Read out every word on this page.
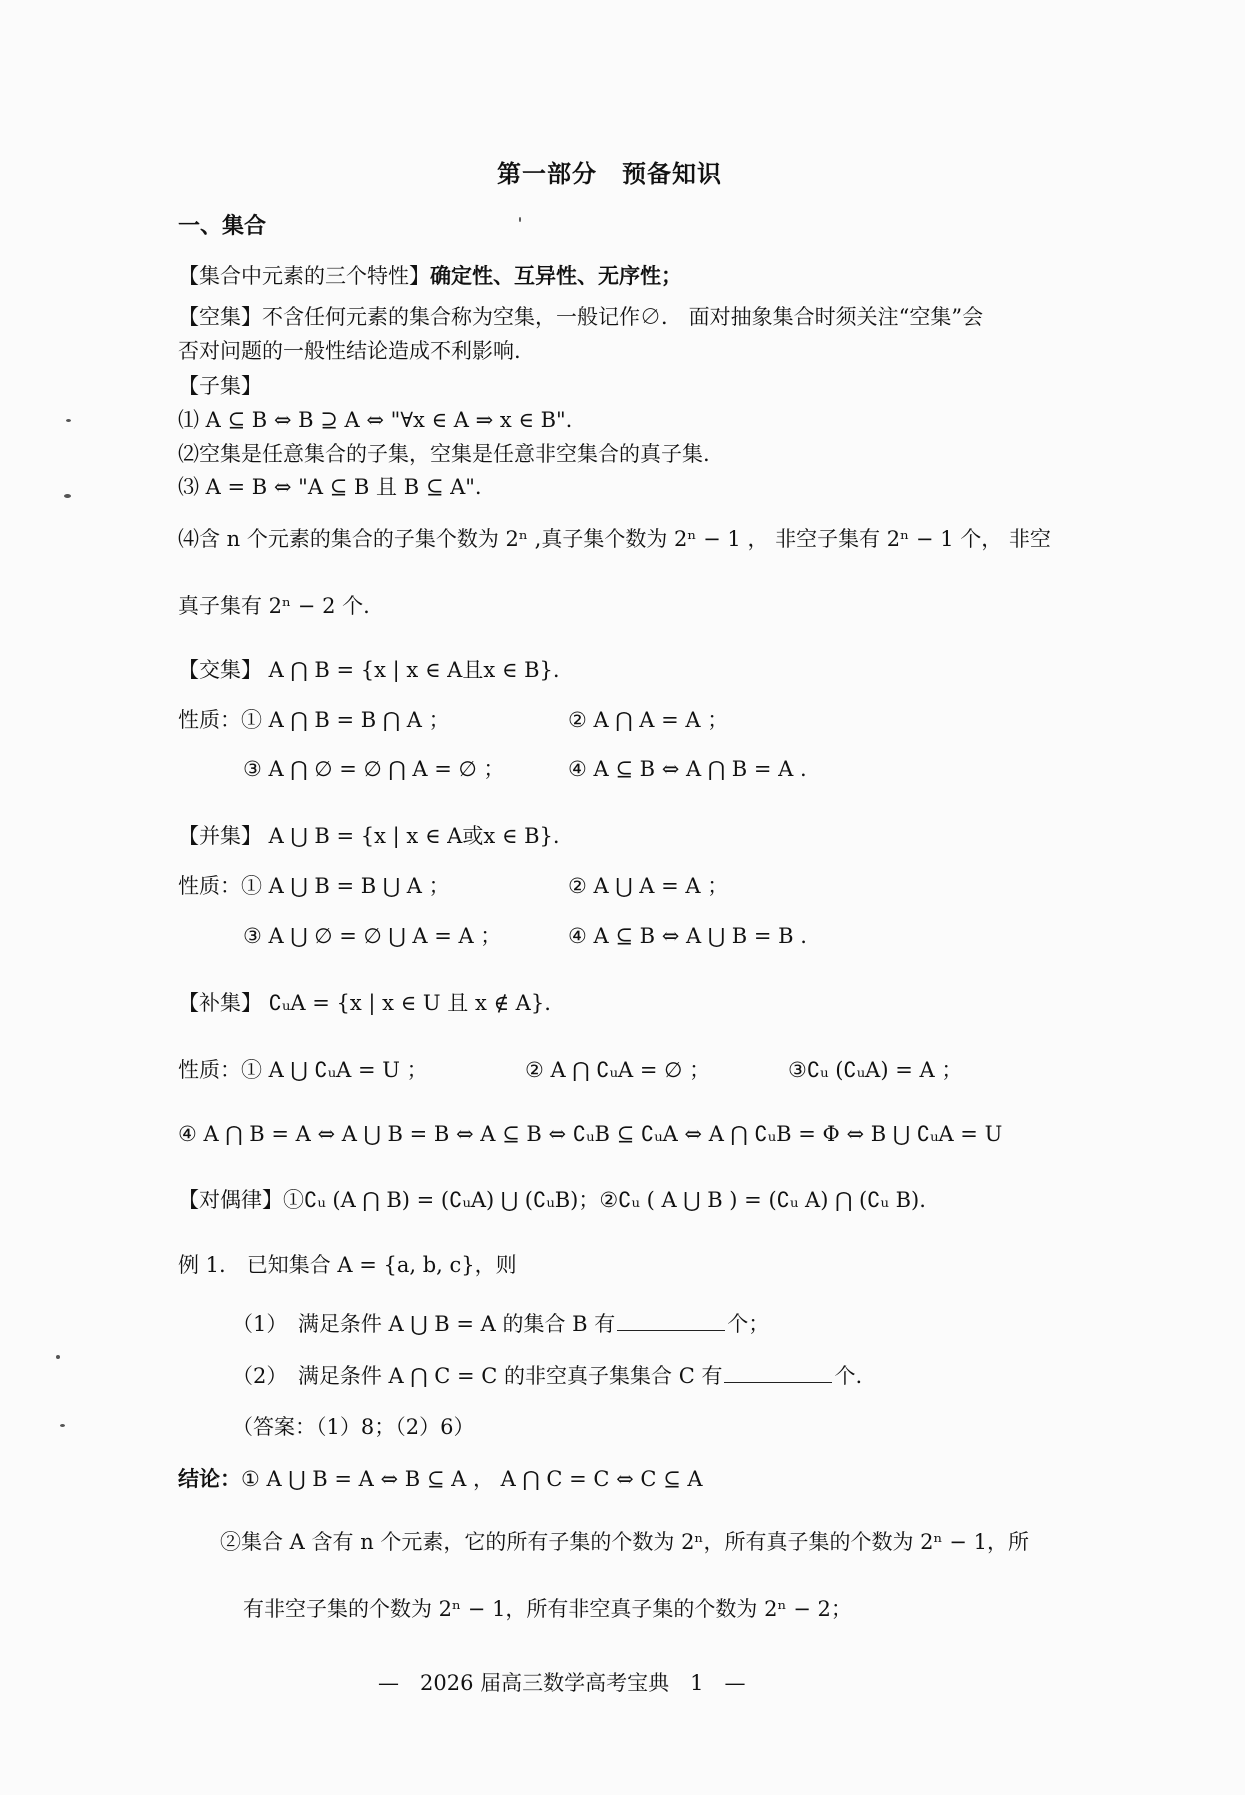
第一部分　预备知识
一、集合
【集合中元素的三个特性】确定性、互异性、无序性；
【空集】不含任何元素的集合称为空集，一般记作∅． 面对抽象集合时须关注“空集”会
否对问题的一般性结论造成不利影响.
【子集】
⑴ A ⊆ B ⇔ B ⊇ A ⇔ "∀x ∈ A ⇒ x ∈ B".
⑵空集是任意集合的子集，空集是任意非空集合的真子集.
⑶ A = B ⇔ "A ⊆ B 且 B ⊆ A".
⑷含 n 个元素的集合的子集个数为 2ⁿ ,真子集个数为 2ⁿ − 1 ， 非空子集有 2ⁿ − 1 个， 非空
真子集有 2ⁿ − 2 个.
【交集】 A ⋂ B = {x | x ∈ A且x ∈ B}.
性质：① A ⋂ B = B ⋂ A ；	② A ⋂ A = A ；
③ A ⋂ ∅ = ∅ ⋂ A = ∅ ；	④ A ⊆ B ⇔ A ⋂ B = A .
【并集】 A ⋃ B = {x | x ∈ A或x ∈ B}.
性质：① A ⋃ B = B ⋃ A ；	② A ⋃ A = A ；
③ A ⋃ ∅ = ∅ ⋃ A = A ；	④ A ⊆ B ⇔ A ⋃ B = B .
【补集】 ∁ᵤA = {x | x ∈ U 且 x ∉ A}.
性质：① A ⋃ ∁ᵤA = U ；	② A ⋂ ∁ᵤA = ∅ ；	③∁ᵤ (∁ᵤA) = A ；
④ A ⋂ B = A ⇔ A ⋃ B = B ⇔ A ⊆ B ⇔ ∁ᵤB ⊆ ∁ᵤA ⇔ A ⋂ ∁ᵤB = Φ ⇔ B ⋃ ∁ᵤA = U
【对偶律】①∁ᵤ (A ⋂ B) = (∁ᵤA) ⋃ (∁ᵤB)；②∁ᵤ ( A ⋃ B ) = (∁ᵤ A) ⋂ (∁ᵤ B).
例 1.　已知集合 A = {a, b, c}，则
（1）　满足条件 A ⋃ B = A 的集合 B 有	个；
（2）　满足条件 A ⋂ C = C 的非空真子集集合 C 有	个.
（答案：（1）8；（2）6）
结论：① A ⋃ B = A ⇔ B ⊆ A ， A ⋂ C = C ⇔ C ⊆ A
②集合 A 含有 n 个元素，它的所有子集的个数为 2ⁿ，所有真子集的个数为 2ⁿ − 1，所
有非空子集的个数为 2ⁿ − 1，所有非空真子集的个数为 2ⁿ − 2；
—　2026 届高三数学高考宝典　1　—
